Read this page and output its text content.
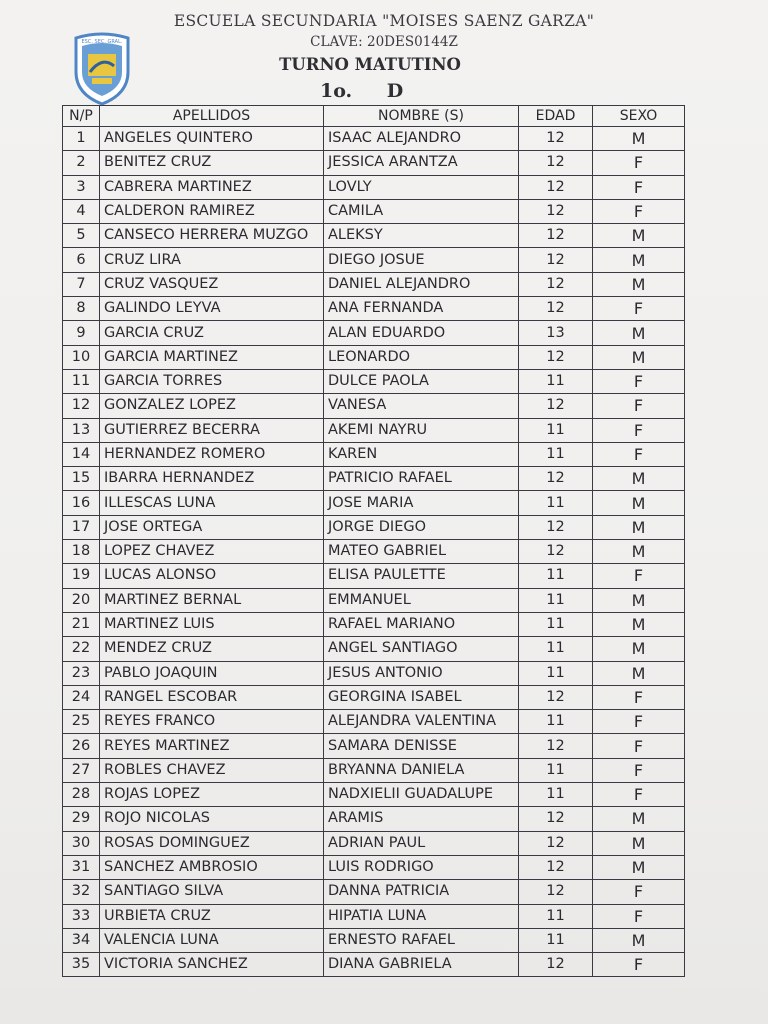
ESC. SEC. GRAL.
ESCUELA SECUNDARIA "MOISES SAENZ GARZA"
CLAVE: 20DES0144Z
TURNO MATUTINO
1o. D
N/P	APELLIDOS	NOMBRE (S)	EDAD	SEXO
1	ANGELES QUINTERO	ISAAC ALEJANDRO	12	M
2	BENITEZ CRUZ	JESSICA ARANTZA	12	F
3	CABRERA MARTINEZ	LOVLY	12	F
4	CALDERON RAMIREZ	CAMILA	12	F
5	CANSECO HERRERA MUZGO	ALEKSY	12	M
6	CRUZ LIRA	DIEGO JOSUE	12	M
7	CRUZ VASQUEZ	DANIEL ALEJANDRO	12	M
8	GALINDO LEYVA	ANA FERNANDA	12	F
9	GARCIA CRUZ	ALAN EDUARDO	13	M
10	GARCIA MARTINEZ	LEONARDO	12	M
11	GARCIA TORRES	DULCE PAOLA	11	F
12	GONZALEZ LOPEZ	VANESA	12	F
13	GUTIERREZ BECERRA	AKEMI NAYRU	11	F
14	HERNANDEZ ROMERO	KAREN	11	F
15	IBARRA HERNANDEZ	PATRICIO RAFAEL	12	M
16	ILLESCAS LUNA	JOSE MARIA	11	M
17	JOSE ORTEGA	JORGE DIEGO	12	M
18	LOPEZ CHAVEZ	MATEO GABRIEL	12	M
19	LUCAS ALONSO	ELISA PAULETTE	11	F
20	MARTINEZ BERNAL	EMMANUEL	11	M
21	MARTINEZ LUIS	RAFAEL MARIANO	11	M
22	MENDEZ CRUZ	ANGEL SANTIAGO	11	M
23	PABLO JOAQUIN	JESUS ANTONIO	11	M
24	RANGEL ESCOBAR	GEORGINA ISABEL	12	F
25	REYES FRANCO	ALEJANDRA VALENTINA	11	F
26	REYES MARTINEZ	SAMARA DENISSE	12	F
27	ROBLES CHAVEZ	BRYANNA DANIELA	11	F
28	ROJAS LOPEZ	NADXIELII GUADALUPE	11	F
29	ROJO NICOLAS	ARAMIS	12	M
30	ROSAS DOMINGUEZ	ADRIAN PAUL	12	M
31	SANCHEZ AMBROSIO	LUIS RODRIGO	12	M
32	SANTIAGO SILVA	DANNA PATRICIA	12	F
33	URBIETA CRUZ	HIPATIA LUNA	11	F
34	VALENCIA LUNA	ERNESTO RAFAEL	11	M
35	VICTORIA SANCHEZ	DIANA GABRIELA	12	F
